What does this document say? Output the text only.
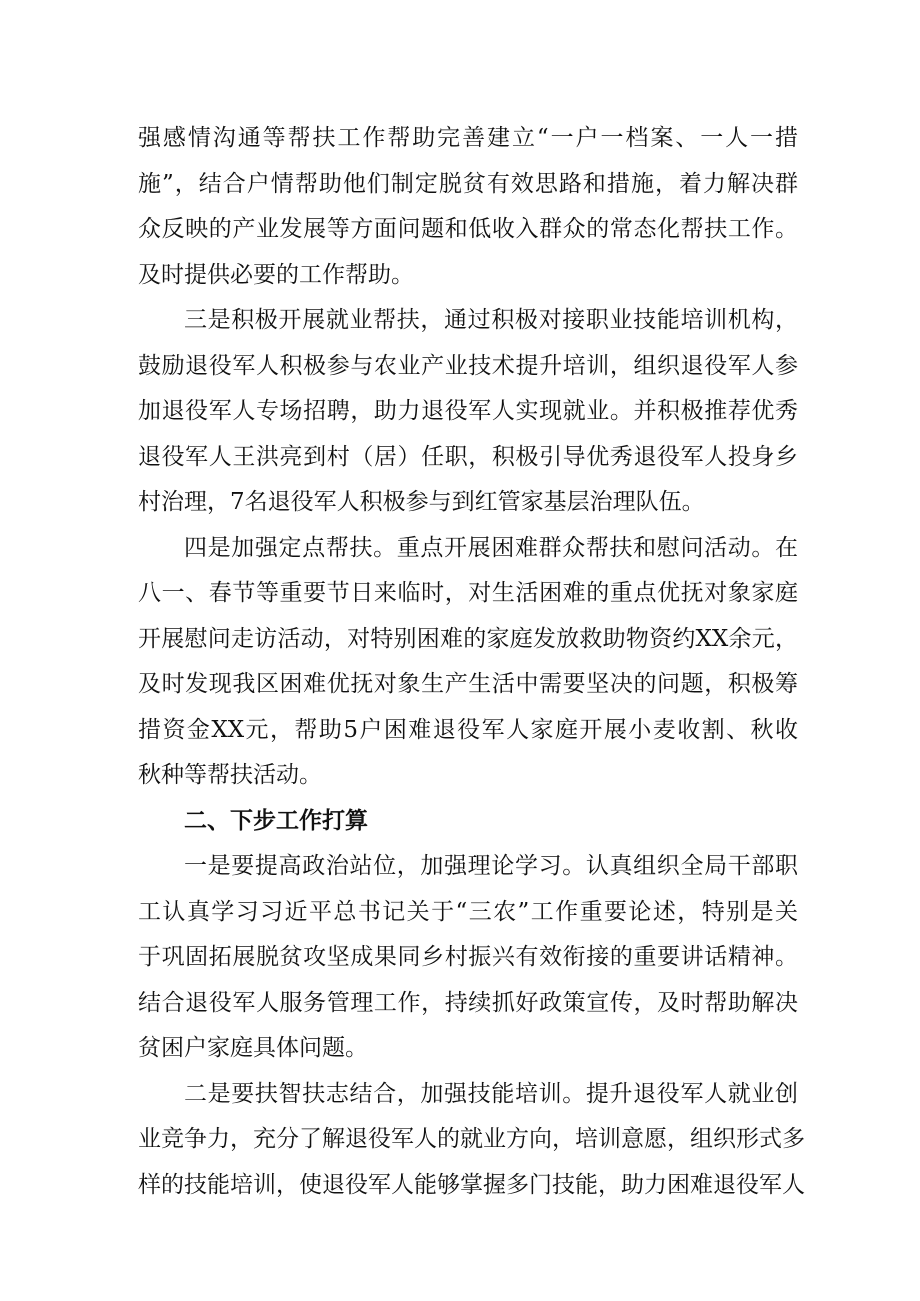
强感情沟通等帮扶工作帮助完善建立“一户一档案、一人一措
施”，结合户情帮助他们制定脱贫有效思路和措施，着力解决群
众反映的产业发展等方面问题和低收入群众的常态化帮扶工作。
及时提供必要的工作帮助。
三是积极开展就业帮扶，通过积极对接职业技能培训机构，
鼓励退役军人积极参与农业产业技术提升培训，组织退役军人参
加退役军人专场招聘，助力退役军人实现就业。并积极推荐优秀
退役军人王洪亮到村（居）任职，积极引导优秀退役军人投身乡
村治理，7名退役军人积极参与到红管家基层治理队伍。
四是加强定点帮扶。重点开展困难群众帮扶和慰问活动。在
八一、春节等重要节日来临时，对生活困难的重点优抚对象家庭
开展慰问走访活动，对特别困难的家庭发放救助物资约XX余元，
及时发现我区困难优抚对象生产生活中需要坚决的问题，积极筹
措资金XX元，帮助5户困难退役军人家庭开展小麦收割、秋收
秋种等帮扶活动。
二、下步工作打算
一是要提高政治站位，加强理论学习。认真组织全局干部职
工认真学习习近平总书记关于“三农”工作重要论述，特别是关
于巩固拓展脱贫攻坚成果同乡村振兴有效衔接的重要讲话精神。
结合退役军人服务管理工作，持续抓好政策宣传，及时帮助解决
贫困户家庭具体问题。
二是要扶智扶志结合，加强技能培训。提升退役军人就业创
业竞争力，充分了解退役军人的就业方向，培训意愿，组织形式多
样的技能培训，使退役军人能够掌握多门技能，助力困难退役军人
